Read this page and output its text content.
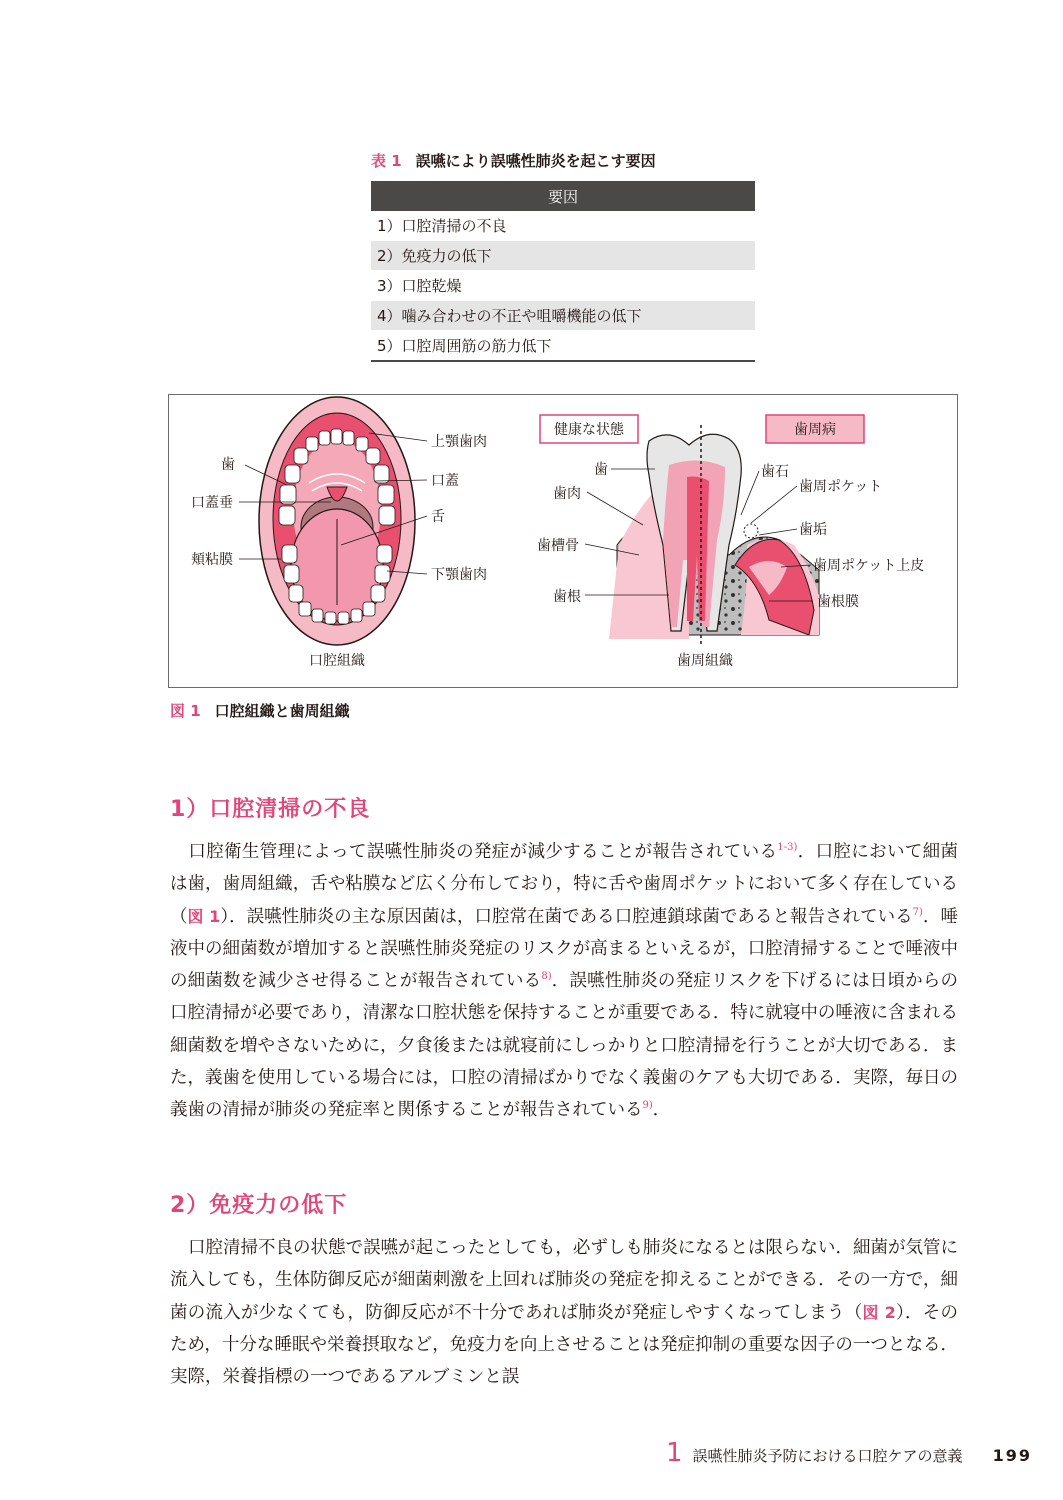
表 1 誤嚥により誤嚥性肺炎を起こす要因
要因
1）口腔清掃の不良
2）免疫力の低下
3）口腔乾燥
4）噛み合わせの不正や咀嚼機能の低下
5）口腔周囲筋の筋力低下
上顎歯肉
歯
口蓋
口蓋垂
舌
頬粘膜
下顎歯肉
口腔組織
健康な状態	歯周病
歯
歯肉
歯槽骨
歯根
歯石
歯周ポケット
歯垢
歯周ポケット上皮
歯根膜
歯周組織
図 1 口腔組織と歯周組織
1）口腔清掃の不良

口腔衛生管理によって誤嚥性肺炎の発症が減少することが報告されている$^{1-3)}$．口腔において細菌は歯，歯周組織，舌や粘膜など広く分布しており，特に舌や歯周ポケットにおいて多く存在している（図 1）．誤嚥性肺炎の主な原因菌は，口腔常在菌である口腔連鎖球菌であると報告されている$^{7)}$．唾液中の細菌数が増加すると誤嚥性肺炎発症のリスクが高まるといえるが，口腔清掃することで唾液中の細菌数を減少させ得ることが報告されている$^{8)}$．誤嚥性肺炎の発症リスクを下げるには日頃からの口腔清掃が必要であり，清潔な口腔状態を保持することが重要である．特に就寝中の唾液に含まれる細菌数を増やさないために，夕食後または就寝前にしっかりと口腔清掃を行うことが大切である．また，義歯を使用している場合には，口腔の清掃ばかりでなく義歯のケアも大切である．実際，毎日の義歯の清掃が肺炎の発症率と関係することが報告されている$^{9)}$．

2）免疫力の低下

口腔清掃不良の状態で誤嚥が起こったとしても，必ずしも肺炎になるとは限らない．細菌が気管に流入しても，生体防御反応が細菌刺激を上回れば肺炎の発症を抑えることができる．その一方で，細菌の流入が少なくても，防御反応が不十分であれば肺炎が発症しやすくなってしまう（図 2）．そのため，十分な睡眠や栄養摂取など，免疫力を向上させることは発症抑制の重要な因子の一つとなる．実際，栄養指標の一つであるアルブミンと誤

1 誤嚥性肺炎予防における口腔ケアの意義 199
